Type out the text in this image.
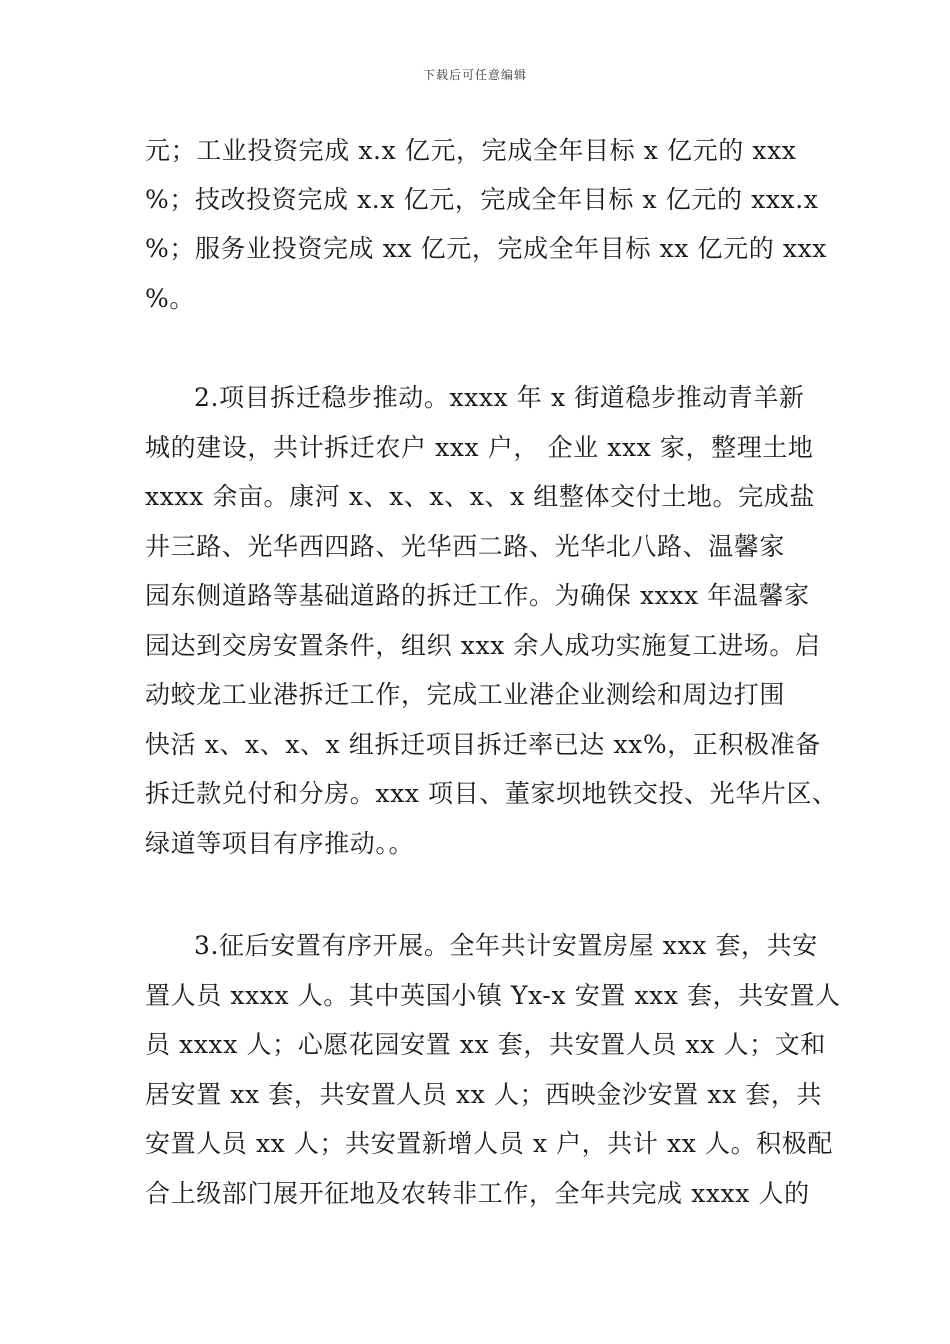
下载后可任意编辑
元；工业投资完成 x.x 亿元，完成全年目标 x 亿元的 xxx
%；技改投资完成 x.x 亿元，完成全年目标 x 亿元的 xxx.x
%；服务业投资完成 xx 亿元，完成全年目标 xx 亿元的 xxx
%。
2.项目拆迁稳步推动。xxxx 年 x 街道稳步推动青羊新
城的建设，共计拆迁农户 xxx 户， 企业 xxx 家，整理土地
xxxx 余亩。康河 x、x、x、x、x 组整体交付土地。完成盐
井三路、光华西四路、光华西二路、光华北八路、温馨家
园东侧道路等基础道路的拆迁工作。为确保 xxxx 年温馨家
园达到交房安置条件，组织 xxx 余人成功实施复工进场。启
动蛟龙工业港拆迁工作，完成工业港企业测绘和周边打围
快活 x、x、x、x 组拆迁项目拆迁率已达 xx%，正积极准备
拆迁款兑付和分房。xxx 项目、董家坝地铁交投、光华片区、
绿道等项目有序推动。。
3.征后安置有序开展。全年共计安置房屋 xxx 套，共安
置人员 xxxx 人。其中英国小镇 Yx-x 安置 xxx 套，共安置人
员 xxxx 人；心愿花园安置 xx 套，共安置人员 xx 人；文和
居安置 xx 套，共安置人员 xx 人；西映金沙安置 xx 套，共
安置人员 xx 人；共安置新增人员 x 户，共计 xx 人。积极配
合上级部门展开征地及农转非工作，全年共完成 xxxx 人的
